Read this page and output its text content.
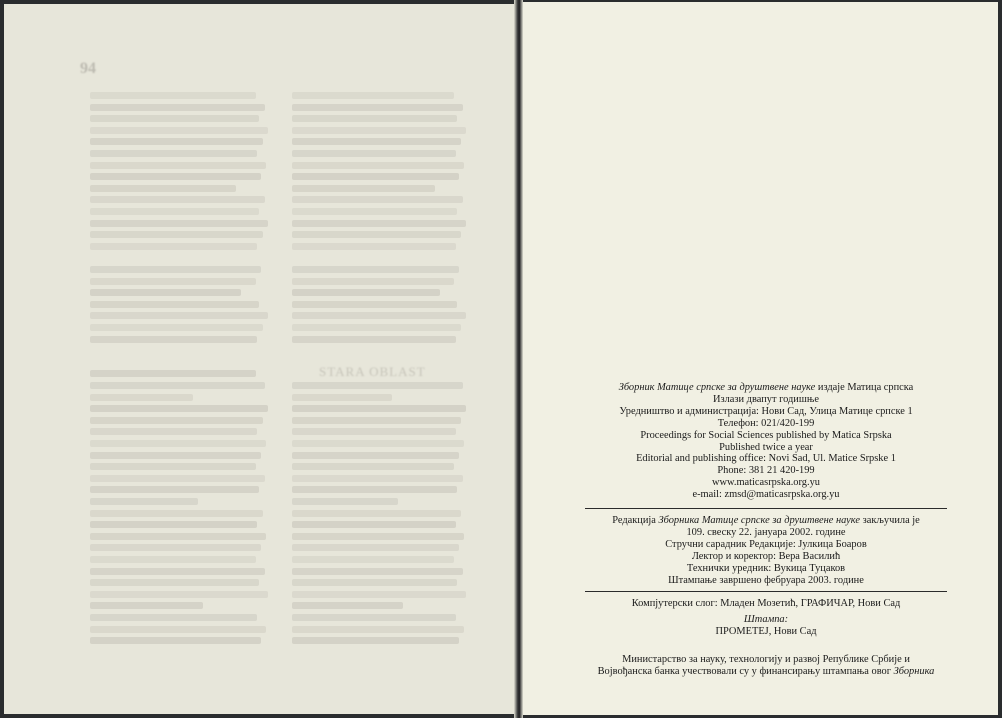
94
STARA OBLAST
Зборник Матице српске за друштвене науке издаје Матица српска
Излази двапут годишње
Уредништво и администрација: Нови Сад, Улица Матице српске 1
Телефон: 021/420-199
Proceedings for Social Sciences published by Matica Srpska
Published twice a year
Editorial and publishing office: Novi Sad, Ul. Matice Srpske 1
Phone: 381 21 420-199
www.maticasrpska.org.yu
e-mail: zmsd@maticasrpska.org.yu
Редакција Зборника Матице српске за друштвене науке закључила је
109. свеску 22. јануара 2002. године
Стручни сарадник Редакције: Јулкица Боаров
Лектор и коректор: Вера Василић
Технички уредник: Вукица Туцаков
Штампање завршено фебруара 2003. године
Компјутерски слог: Младен Мозетић, ГРАФИЧАР, Нови Сад
Штампа:
ПРОМЕТЕЈ, Нови Сад
Министарство за науку, технологију и развој Републике Србије и
Војвођанска банка учествовали су у финансирању штампања овог Зборника
